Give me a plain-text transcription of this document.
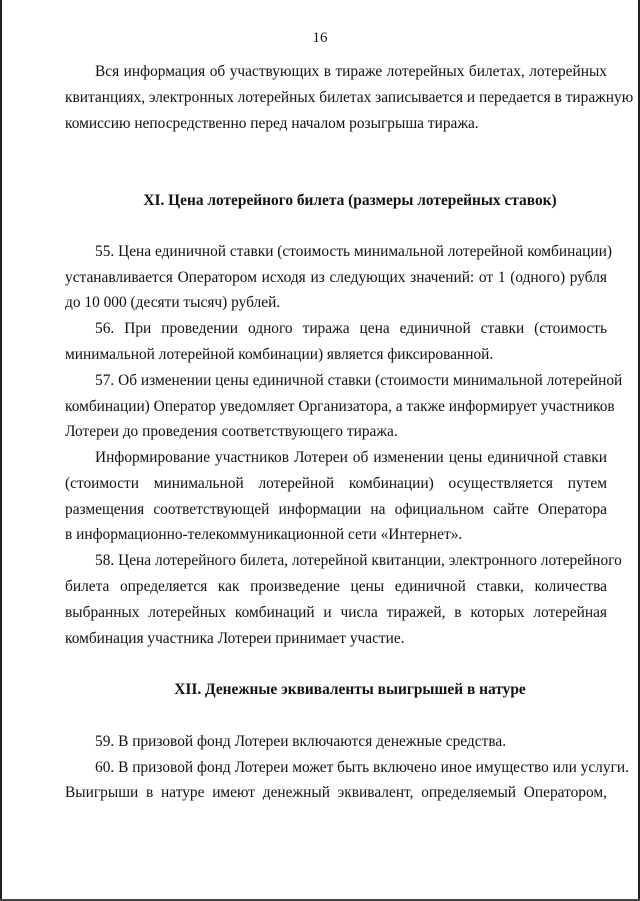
16
Вся информация об участвующих в тираже лотерейных билетах, лотерейных
квитанциях, электронных лотерейных билетах записывается и передается в тиражную
комиссию непосредственно перед началом розыгрыша тиража.
XI. Цена лотерейного билета (размеры лотерейных ставок)
55. Цена единичной ставки (стоимость минимальной лотерейной комбинации)
устанавливается Оператором исходя из следующих значений: от 1 (одного) рубля
до 10 000 (десяти тысяч) рублей.
56. При проведении одного тиража цена единичной ставки (стоимость
минимальной лотерейной комбинации) является фиксированной.
57. Об изменении цены единичной ставки (стоимости минимальной лотерейной
комбинации) Оператор уведомляет Организатора, а также информирует участников
Лотереи до проведения соответствующего тиража.
Информирование участников Лотереи об изменении цены единичной ставки
(стоимости минимальной лотерейной комбинации) осуществляется путем
размещения соответствующей информации на официальном сайте Оператора
в информационно-телекоммуникационной сети «Интернет».
58. Цена лотерейного билета, лотерейной квитанции, электронного лотерейного
билета определяется как произведение цены единичной ставки, количества
выбранных лотерейных комбинаций и числа тиражей, в которых лотерейная
комбинация участника Лотереи принимает участие.
XII. Денежные эквиваленты выигрышей в натуре
59. В призовой фонд Лотереи включаются денежные средства.
60. В призовой фонд Лотереи может быть включено иное имущество или услуги.
Выигрыши в натуре имеют денежный эквивалент, определяемый Оператором,
